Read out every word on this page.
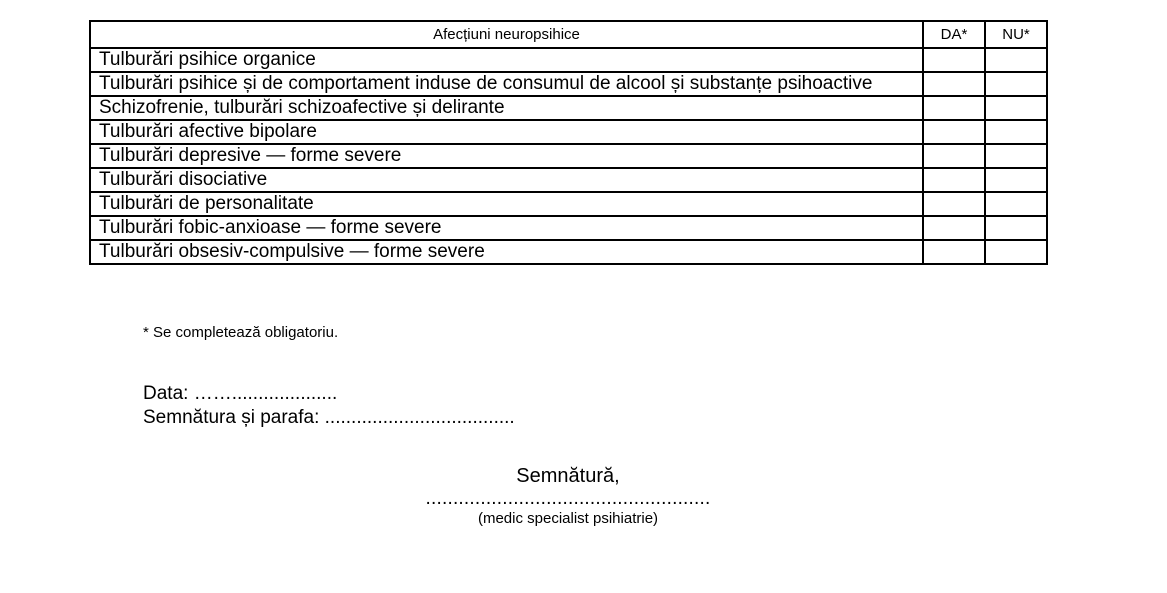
Afecțiuni neuropsihice	DA*	NU*
Tulburări psihice organice		
Tulburări psihice și de comportament induse de consumul de alcool și substanțe psihoactive		
Schizofrenie, tulburări schizoafective și delirante		
Tulburări afective bipolare		
Tulburări depresive — forme severe		
Tulburări disociative		
Tulburări de personalitate		
Tulburări fobic-anxioase — forme severe		
Tulburări obsesiv-compulsive — forme severe		
* Se completează obligatoriu.
Data: ……....................
Semnătura și parafa: ....................................
Semnătură,
....................................................
(medic specialist psihiatrie)
